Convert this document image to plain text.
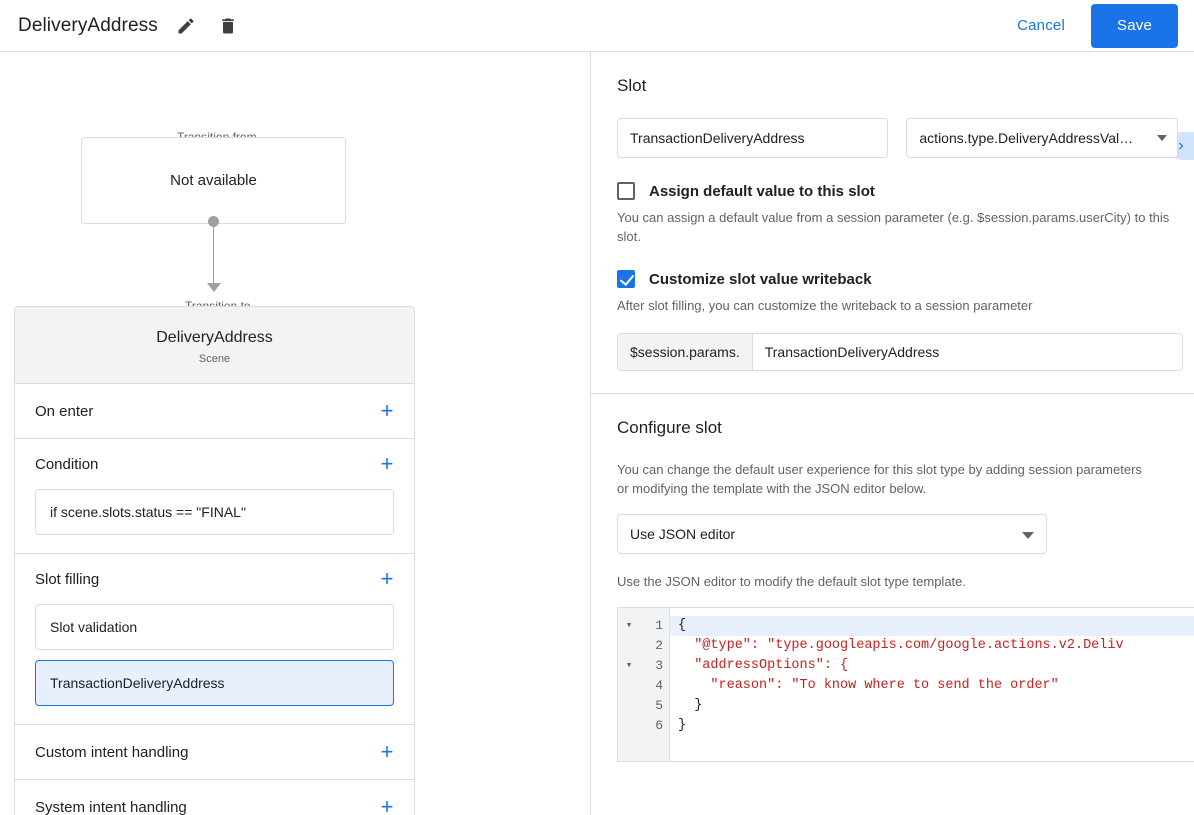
DeliveryAddress	Cancel	Save
Not available
DeliveryAddress
Scene
On enter	+
Condition	+
if scene.slots.status == "FINAL"
Slot filling	+
Slot validation
TransactionDeliveryAddress
Custom intent handling	+
System intent handling	+
Slot
TransactionDeliveryAddress	actions.type.DeliveryAddressVal…
Assign default value to this slot
You can assign a default value from a session parameter (e.g. $session.params.userCity) to this slot.
Customize slot value writeback
After slot filling, you can customize the writeback to a session parameter
$session.params.	TransactionDeliveryAddress
Configure slot
You can change the default user experience for this slot type by adding session parameters or modifying the template with the JSON editor below.
Use JSON editor
Use the JSON editor to modify the default slot type template.
▾
▾
1
2
3
4
5
6
{
"@type": "type.googleapis.com/google.actions.v2.Deliv
"addressOptions": {
"reason": "To know where to send the order"
}
}
